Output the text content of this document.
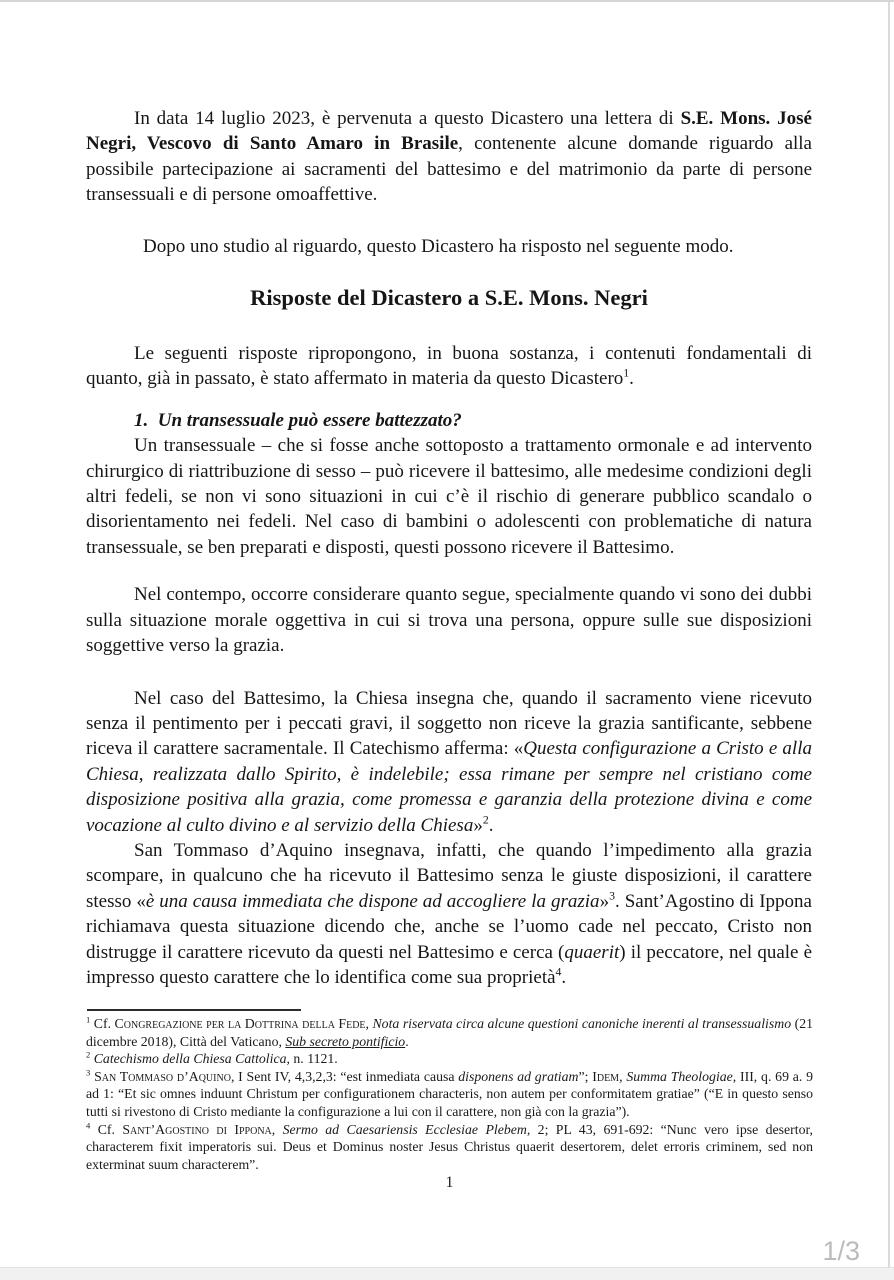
In data 14 luglio 2023, è pervenuta a questo Dicastero una lettera di S.E. Mons. José Negri, Vescovo di Santo Amaro in Brasile, contenente alcune domande riguardo alla possibile partecipazione ai sacramenti del battesimo e del matrimonio da parte di persone transessuali e di persone omoaffettive.

Dopo uno studio al riguardo, questo Dicastero ha risposto nel seguente modo.

Risposte del Dicastero a S.E. Mons. Negri

Le seguenti risposte ripropongono, in buona sostanza, i contenuti fondamentali di quanto, già in passato, è stato affermato in materia da questo Dicastero$^1$.

1.  Un transessuale può essere battezzato?

Un transessuale – che si fosse anche sottoposto a trattamento ormonale e ad intervento chirurgico di riattribuzione di sesso – può ricevere il battesimo, alle medesime condizioni degli altri fedeli, se non vi sono situazioni in cui c’è il rischio di generare pubblico scandalo o disorientamento nei fedeli. Nel caso di bambini o adolescenti con problematiche di natura transessuale, se ben preparati e disposti, questi possono ricevere il Battesimo.

Nel contempo, occorre considerare quanto segue, specialmente quando vi sono dei dubbi sulla situazione morale oggettiva in cui si trova una persona, oppure sulle sue disposizioni soggettive verso la grazia.

Nel caso del Battesimo, la Chiesa insegna che, quando il sacramento viene ricevuto senza il pentimento per i peccati gravi, il soggetto non riceve la grazia santificante, sebbene riceva il carattere sacramentale. Il Catechismo afferma: «Questa configurazione a Cristo e alla Chiesa, realizzata dallo Spirito, è indelebile; essa rimane per sempre nel cristiano come disposizione positiva alla grazia, come promessa e garanzia della protezione divina e come vocazione al culto divino e al servizio della Chiesa»$^2$.

San Tommaso d’Aquino insegnava, infatti, che quando l’impedimento alla grazia scompare, in qualcuno che ha ricevuto il Battesimo senza le giuste disposizioni, il carattere stesso «è una causa immediata che dispone ad accogliere la grazia»$^3$. Sant’Agostino di Ippona richiamava questa situazione dicendo che, anche se l’uomo cade nel peccato, Cristo non distrugge il carattere ricevuto da questi nel Battesimo e cerca (quaerit) il peccatore, nel quale è impresso questo carattere che lo identifica come sua proprietà$^4$.

$^1$ Cf. Congregazione per la Dottrina della Fede, Nota riservata circa alcune questioni canoniche inerenti al transessualismo (21 dicembre 2018), Città del Vaticano, Sub secreto pontificio.

$^2$ Catechismo della Chiesa Cattolica, n. 1121.

$^3$ San Tommaso d’Aquino, I Sent IV, 4,3,2,3: “est inmediata causa disponens ad gratiam”; Idem, Summa Theologiae, III, q. 69 a. 9 ad 1: “Et sic omnes induunt Christum per configurationem characteris, non autem per conformitatem gratiae” (“E in questo senso tutti si rivestono di Cristo mediante la configurazione a lui con il carattere, non già con la grazia”).

$^4$ Cf. Sant’Agostino di Ippona, Sermo ad Caesariensis Ecclesiae Plebem, 2; PL 43, 691-692: “Nunc vero ipse desertor, characterem fixit imperatoris sui. Deus et Dominus noster Jesus Christus quaerit desertorem, delet erroris criminem, sed non exterminat suum characterem”.

1
1/3
